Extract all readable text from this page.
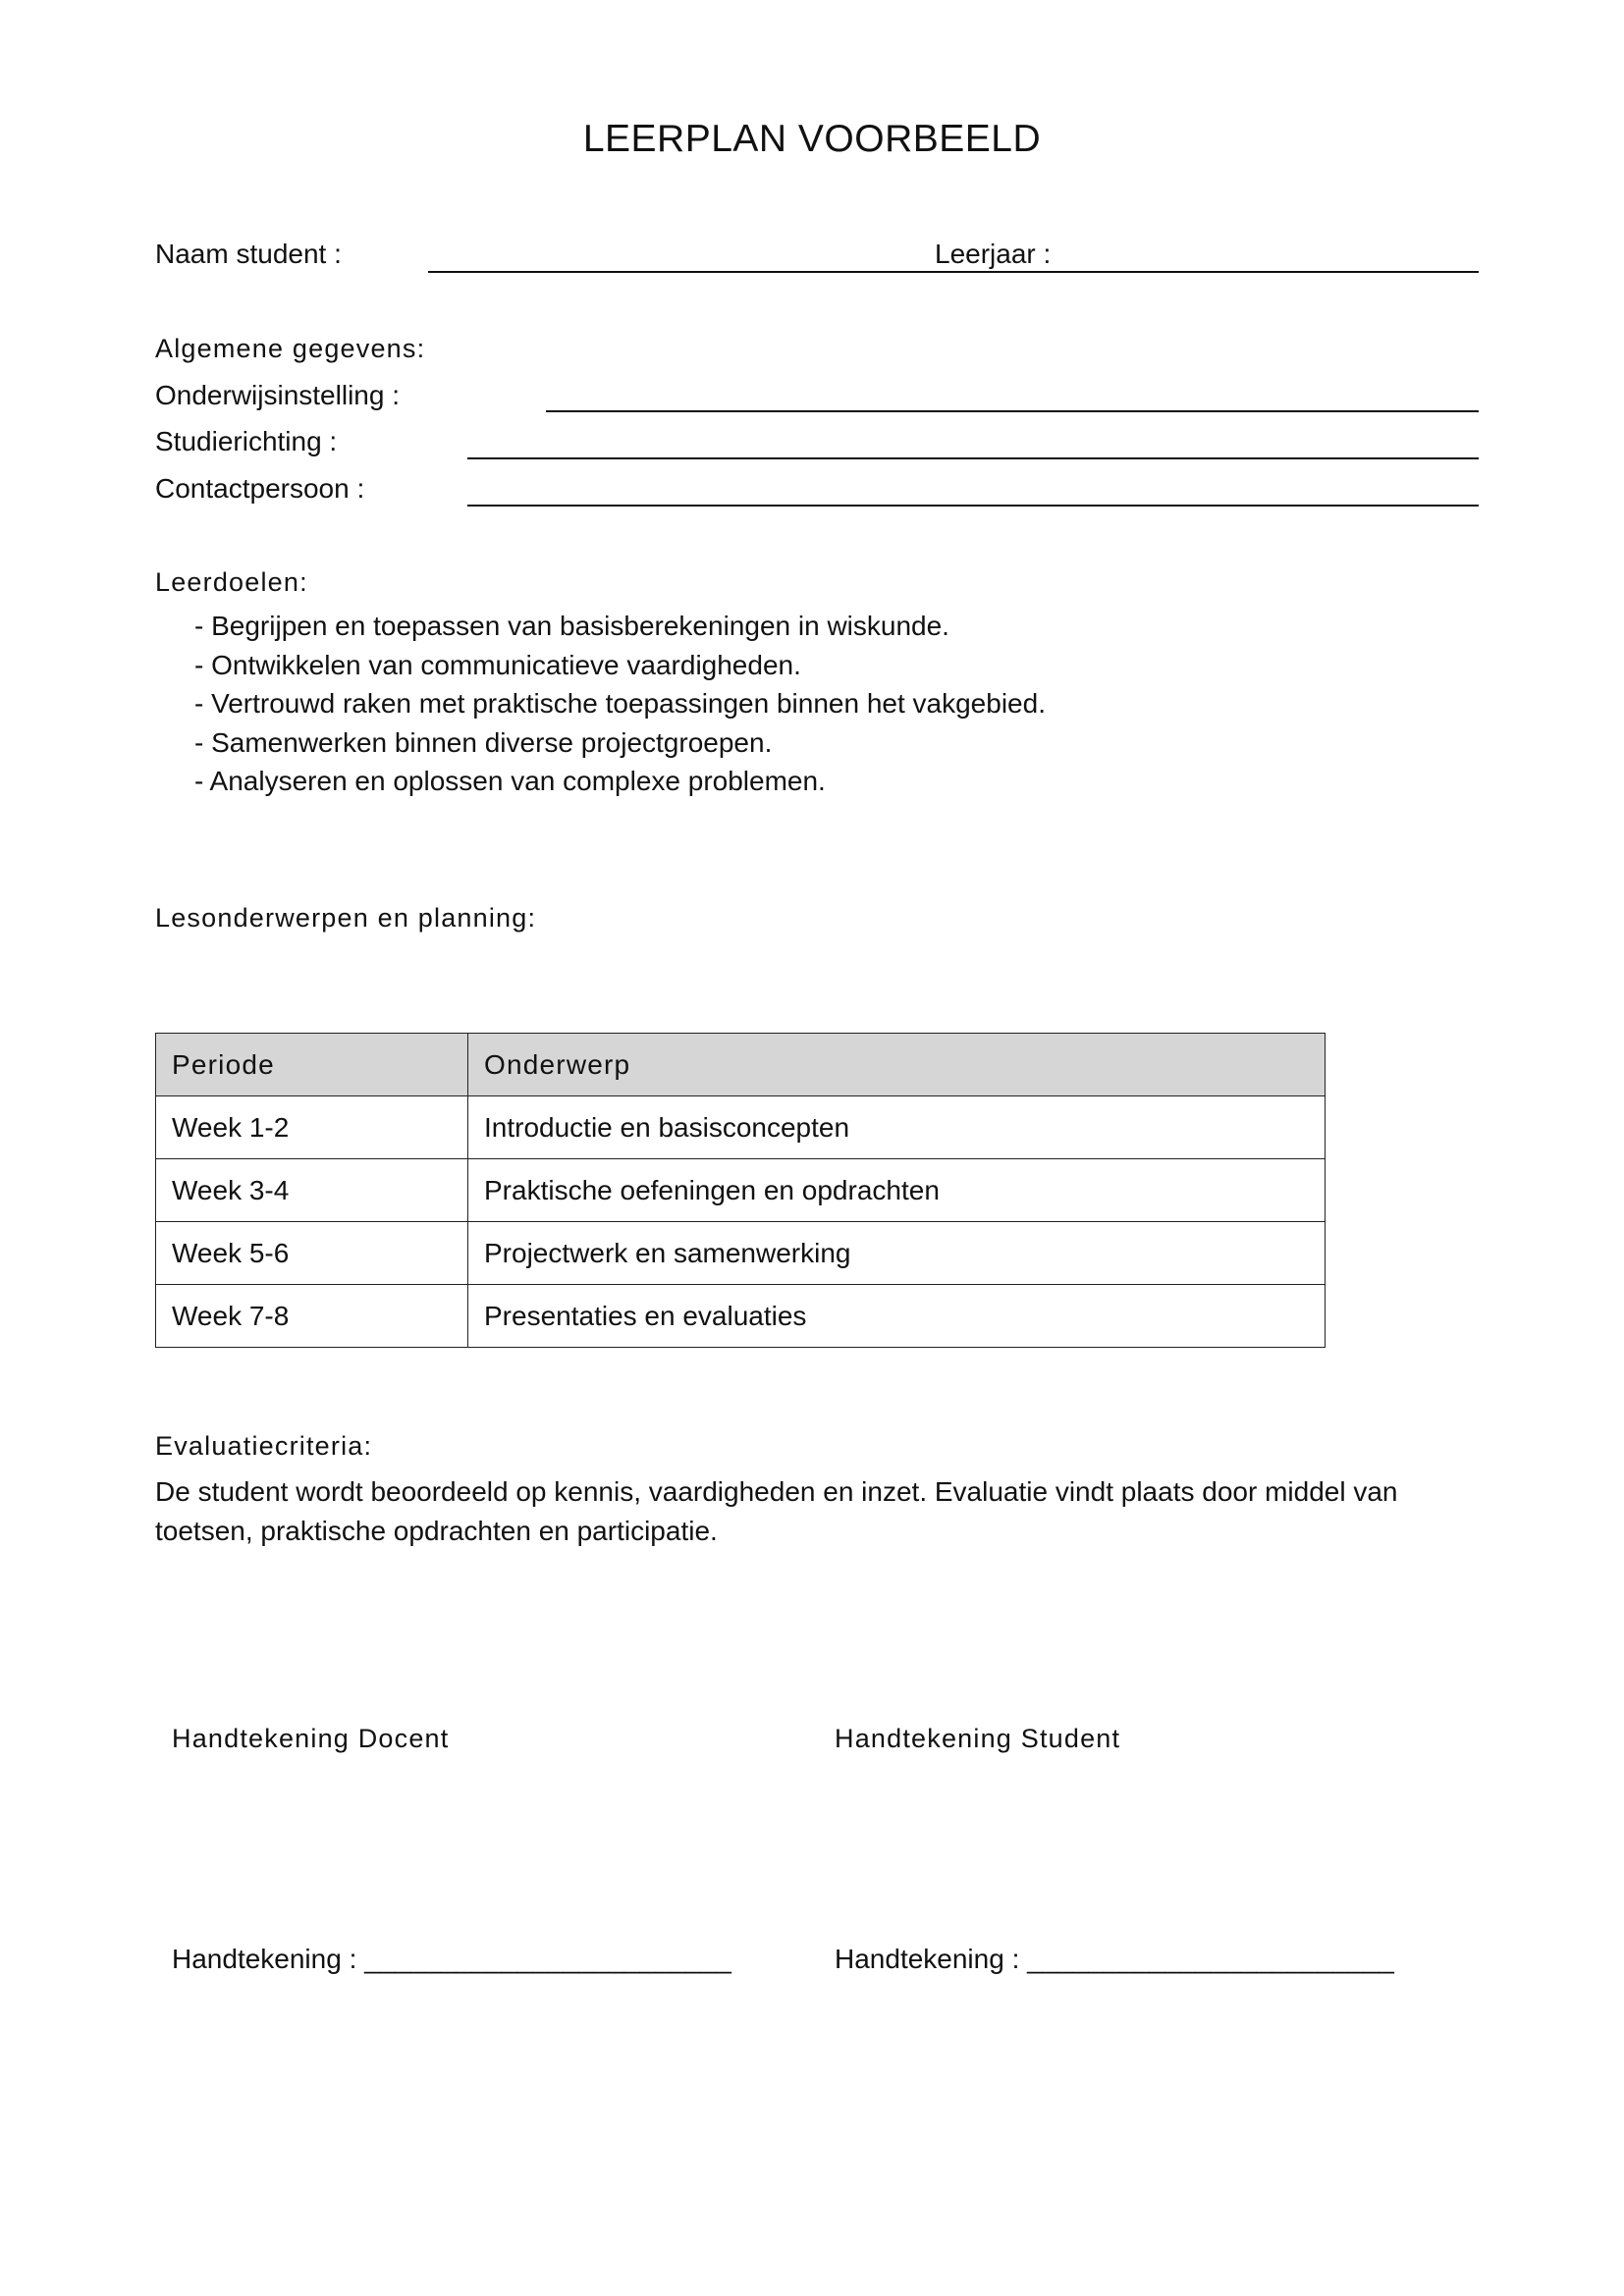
LEERPLAN VOORBEELD
Naam student :	Leerjaar :
Algemene gegevens:
Onderwijsinstelling :
Studierichting :
Contactpersoon :
Leerdoelen:
- Begrijpen en toepassen van basisberekeningen in wiskunde.
- Ontwikkelen van communicatieve vaardigheden.
- Vertrouwd raken met praktische toepassingen binnen het vakgebied.
- Samenwerken binnen diverse projectgroepen.
- Analyseren en oplossen van complexe problemen.
Lesonderwerpen en planning:
Periode	Onderwerp
Week 1-2	Introductie en basisconcepten
Week 3-4	Praktische oefeningen en opdrachten
Week 5-6	Projectwerk en samenwerking
Week 7-8	Presentaties en evaluaties
Evaluatiecriteria:
De student wordt beoordeeld op kennis, vaardigheden en inzet. Evaluatie vindt plaats door middel van toetsen, praktische opdrachten en participatie.
Handtekening Docent	Handtekening Student
Handtekening : ________________________	Handtekening : ________________________
